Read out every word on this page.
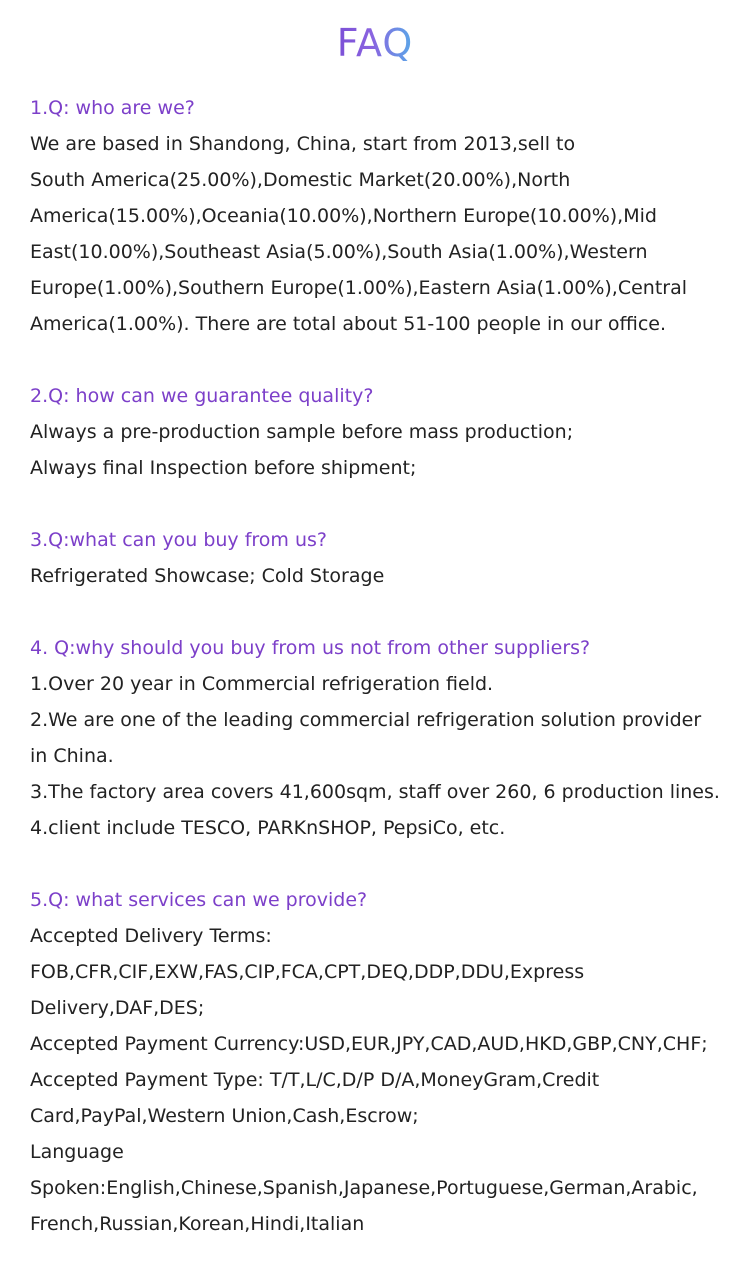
FAQ
1.Q: who are we?
We are based in Shandong, China, start from 2013,sell to
South America(25.00%),Domestic Market(20.00%),North
America(15.00%),Oceania(10.00%),Northern Europe(10.00%),Mid
East(10.00%),Southeast Asia(5.00%),South Asia(1.00%),Western
Europe(1.00%),Southern Europe(1.00%),Eastern Asia(1.00%),Central
America(1.00%). There are total about 51-100 people in our office.
2.Q: how can we guarantee quality?
Always a pre-production sample before mass production;
Always final Inspection before shipment;
3.Q:what can you buy from us?
Refrigerated Showcase; Cold Storage
4. Q:why should you buy from us not from other suppliers?
1.Over 20 year in Commercial refrigeration field.
2.We are one of the leading commercial refrigeration solution provider
in China.
3.The factory area covers 41,600sqm, staff over 260, 6 production lines.
4.client include TESCO, PARKnSHOP, PepsiCo, etc.
5.Q: what services can we provide?
Accepted Delivery Terms:
FOB,CFR,CIF,EXW,FAS,CIP,FCA,CPT,DEQ,DDP,DDU,Express
Delivery,DAF,DES;
Accepted Payment Currency:USD,EUR,JPY,CAD,AUD,HKD,GBP,CNY,CHF;
Accepted Payment Type: T/T,L/C,D/P D/A,MoneyGram,Credit
Card,PayPal,Western Union,Cash,Escrow;
Language
Spoken:English,Chinese,Spanish,Japanese,Portuguese,German,Arabic,
French,Russian,Korean,Hindi,Italian
